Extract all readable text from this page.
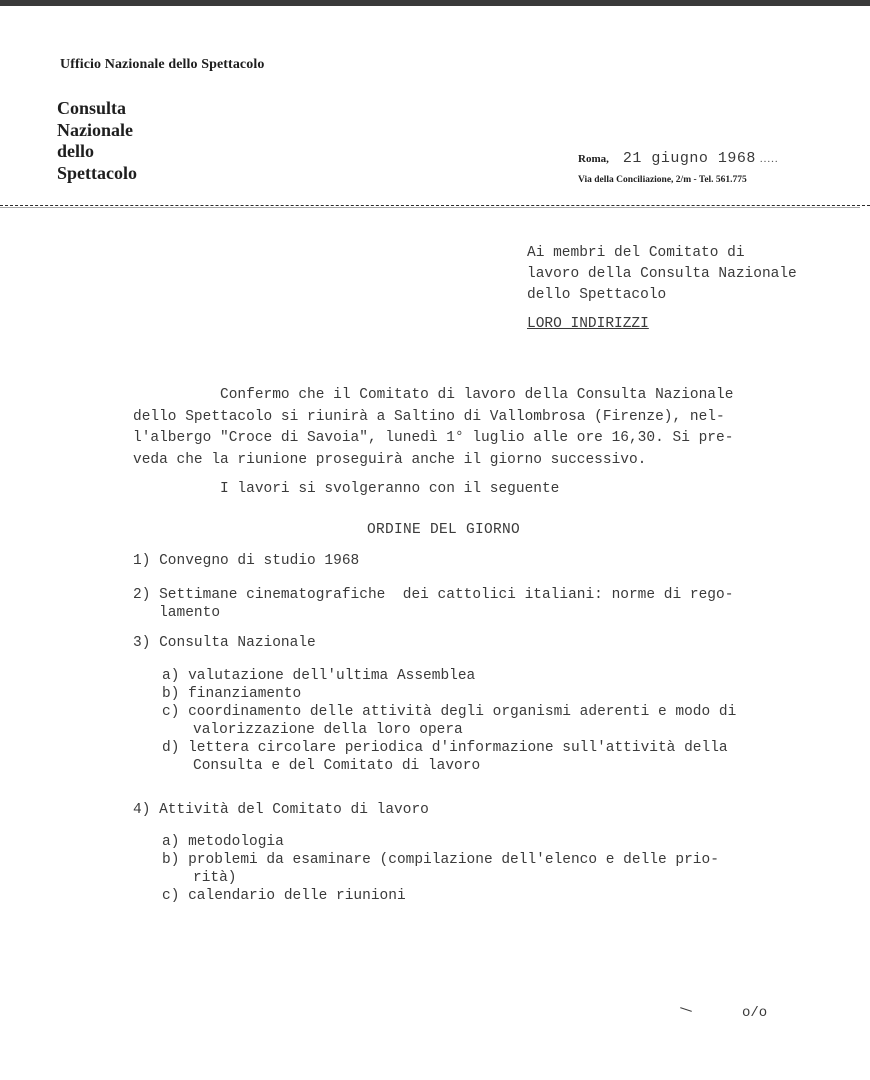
Ufficio Nazionale dello Spettacolo
Consulta
Nazionale
dello
Spettacolo
Roma, 21 giugno 1968 .....
Via della Conciliazione, 2/m - Tel. 561.775
Ai membri del Comitato di
lavoro della Consulta Nazionale
dello Spettacolo
LORO INDIRIZZI
Confermo che il Comitato di lavoro della Consulta Nazionale
dello Spettacolo si riunirà a Saltino di Vallombrosa (Firenze), nel-
l'albergo "Croce di Savoia", lunedì 1° luglio alle ore 16,30. Si pre-
veda che la riunione proseguirà anche il giorno successivo.
I lavori si svolgeranno con il seguente
ORDINE DEL GIORNO
1) Convegno di studio 1968
2) Settimane cinematografiche  dei cattolici italiani: norme di rego-
lamento
3) Consulta Nazionale
a) valutazione dell'ultima Assemblea
b) finanziamento
c) coordinamento delle attività degli organismi aderenti e modo di
valorizzazione della loro opera
d) lettera circolare periodica d'informazione sull'attività della
Consulta e del Comitato di lavoro
4) Attività del Comitato di lavoro
a) metodologia
b) problemi da esaminare (compilazione dell'elenco e delle prio-
rità)
c) calendario delle riunioni
o/o
